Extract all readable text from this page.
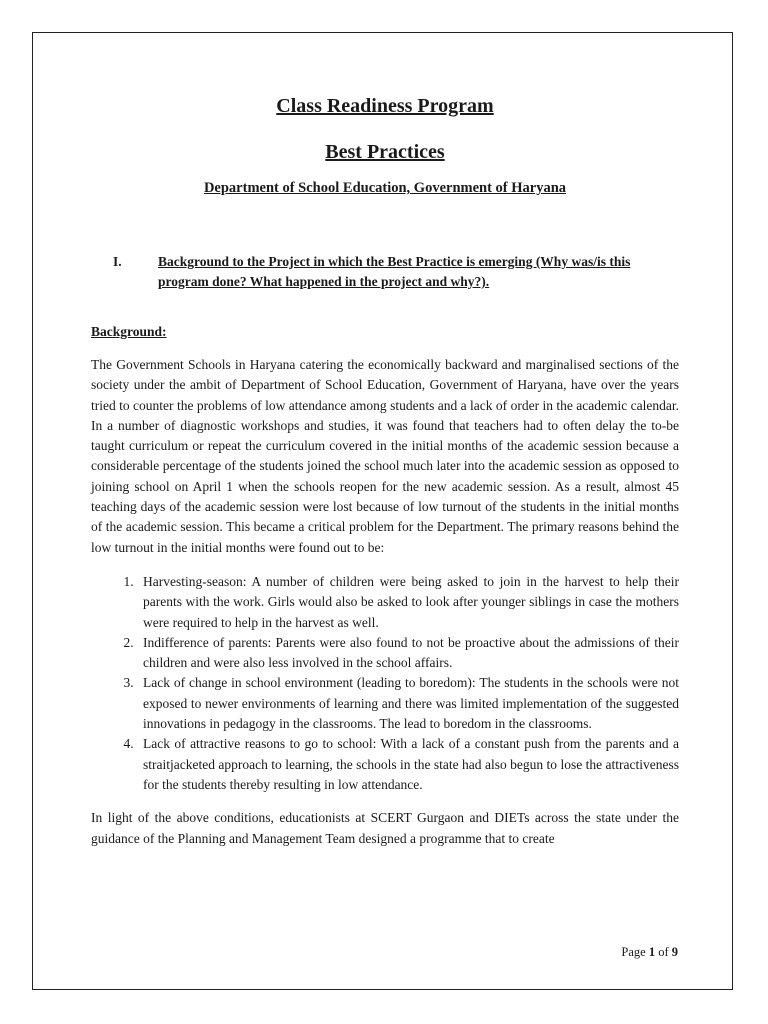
Class Readiness Program
Best Practices
Department of School Education, Government of Haryana
I.	Background to the Project in which the Best Practice is emerging (Why was/is this program done? What happened in the project and why?).
Background:

The Government Schools in Haryana catering the economically backward and marginalised sections of the society under the ambit of Department of School Education, Government of Haryana, have over the years tried to counter the problems of low attendance among students and a lack of order in the academic calendar. In a number of diagnostic workshops and studies, it was found that teachers had to often delay the to-be taught curriculum or repeat the curriculum covered in the initial months of the academic session because a considerable percentage of the students joined the school much later into the academic session as opposed to joining school on April 1 when the schools reopen for the new academic session. As a result, almost 45 teaching days of the academic session were lost because of low turnout of the students in the initial months of the academic session. This became a critical problem for the Department. The primary reasons behind the low turnout in the initial months were found out to be:

1. Harvesting-season: A number of children were being asked to join in the harvest to help their parents with the work. Girls would also be asked to look after younger siblings in case the mothers were required to help in the harvest as well.
2. Indifference of parents: Parents were also found to not be proactive about the admissions of their children and were also less involved in the school affairs.
3. Lack of change in school environment (leading to boredom): The students in the schools were not exposed to newer environments of learning and there was limited implementation of the suggested innovations in pedagogy in the classrooms. The lead to boredom in the classrooms.
4. Lack of attractive reasons to go to school: With a lack of a constant push from the parents and a straitjacketed approach to learning, the schools in the state had also begun to lose the attractiveness for the students thereby resulting in low attendance.

In light of the above conditions, educationists at SCERT Gurgaon and DIETs across the state under the guidance of the Planning and Management Team designed a programme that to create

Page 1 of 9
